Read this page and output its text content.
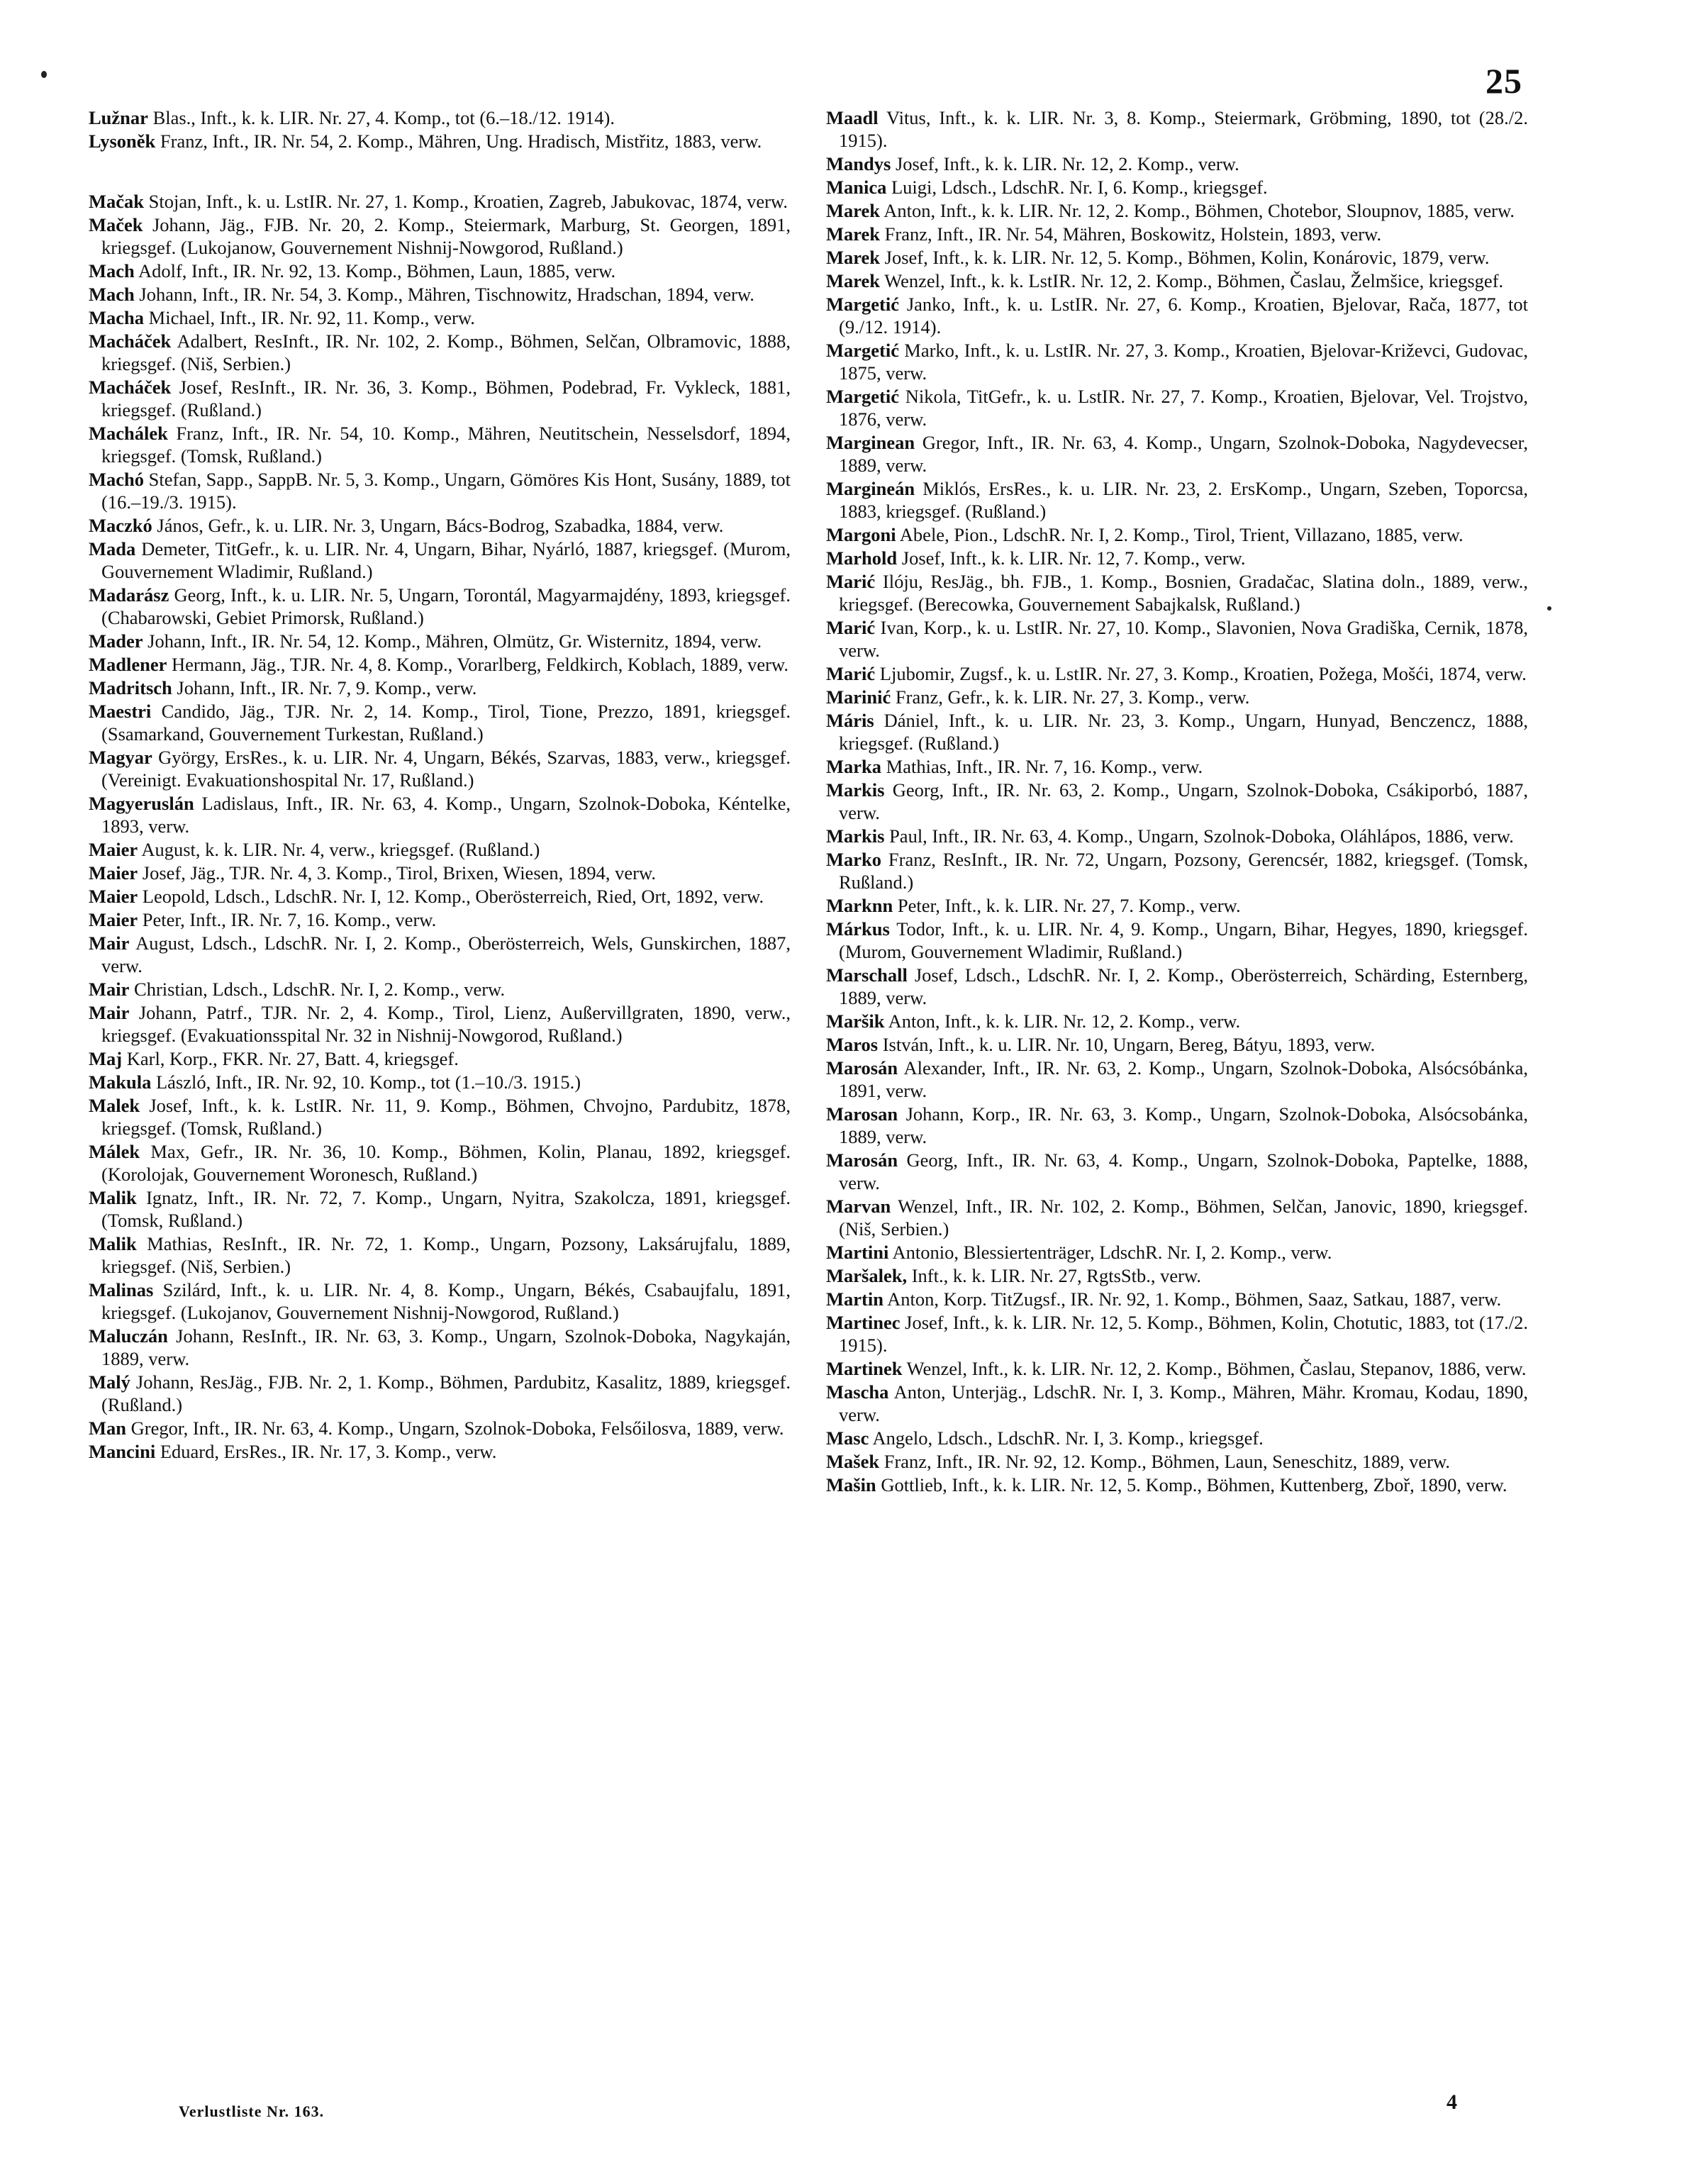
25

Lužnar Blas., Inft., k. k. LIR. Nr. 27, 4. Komp., tot (6.–18./12. 1914).

Lysoněk Franz, Inft., IR. Nr. 54, 2. Komp., Mähren, Ung. Hradisch, Mistřitz, 1883, verw.

Mačak Stojan, Inft., k. u. LstIR. Nr. 27, 1. Komp., Kroatien, Zagreb, Jabukovac, 1874, verw.

Maček Johann, Jäg., FJB. Nr. 20, 2. Komp., Steiermark, Marburg, St. Georgen, 1891, kriegsgef. (Lukojanow, Gouvernement Nishnij-Nowgorod, Rußland.)

Mach Adolf, Inft., IR. Nr. 92, 13. Komp., Böhmen, Laun, 1885, verw.

Mach Johann, Inft., IR. Nr. 54, 3. Komp., Mähren, Tischnowitz, Hradschan, 1894, verw.

Macha Michael, Inft., IR. Nr. 92, 11. Komp., verw.

Macháček Adalbert, ResInft., IR. Nr. 102, 2. Komp., Böhmen, Selčan, Olbramovic, 1888, kriegsgef. (Niš, Serbien.)

Macháček Josef, ResInft., IR. Nr. 36, 3. Komp., Böhmen, Podebrad, Fr. Vykleck, 1881, kriegsgef. (Rußland.)

Machálek Franz, Inft., IR. Nr. 54, 10. Komp., Mähren, Neutitschein, Nesselsdorf, 1894, kriegsgef. (Tomsk, Rußland.)

Machó Stefan, Sapp., SappB. Nr. 5, 3. Komp., Ungarn, Gömöres Kis Hont, Susány, 1889, tot (16.–19./3. 1915).

Maczkó János, Gefr., k. u. LIR. Nr. 3, Ungarn, Bács-Bodrog, Szabadka, 1884, verw.

Mada Demeter, TitGefr., k. u. LIR. Nr. 4, Ungarn, Bihar, Nyárló, 1887, kriegsgef. (Murom, Gouvernement Wladimir, Rußland.)

Madarász Georg, Inft., k. u. LIR. Nr. 5, Ungarn, Torontál, Magyarmajdény, 1893, kriegsgef. (Chabarowski, Gebiet Primorsk, Rußland.)

Mader Johann, Inft., IR. Nr. 54, 12. Komp., Mähren, Olmütz, Gr. Wisternitz, 1894, verw.

Madlener Hermann, Jäg., TJR. Nr. 4, 8. Komp., Vorarlberg, Feldkirch, Koblach, 1889, verw.

Madritsch Johann, Inft., IR. Nr. 7, 9. Komp., verw.

Maestri Candido, Jäg., TJR. Nr. 2, 14. Komp., Tirol, Tione, Prezzo, 1891, kriegsgef. (Ssamarkand, Gouvernement Turkestan, Rußland.)

Magyar György, ErsRes., k. u. LIR. Nr. 4, Ungarn, Békés, Szarvas, 1883, verw., kriegsgef. (Vereinigt. Evakuationshospital Nr. 17, Rußland.)

Magyeruslán Ladislaus, Inft., IR. Nr. 63, 4. Komp., Ungarn, Szolnok-Doboka, Kéntelke, 1893, verw.

Maier August, k. k. LIR. Nr. 4, verw., kriegsgef. (Rußland.)

Maier Josef, Jäg., TJR. Nr. 4, 3. Komp., Tirol, Brixen, Wiesen, 1894, verw.

Maier Leopold, Ldsch., LdschR. Nr. I, 12. Komp., Oberösterreich, Ried, Ort, 1892, verw.

Maier Peter, Inft., IR. Nr. 7, 16. Komp., verw.

Mair August, Ldsch., LdschR. Nr. I, 2. Komp., Oberösterreich, Wels, Gunskirchen, 1887, verw.

Mair Christian, Ldsch., LdschR. Nr. I, 2. Komp., verw.

Mair Johann, Patrf., TJR. Nr. 2, 4. Komp., Tirol, Lienz, Außervillgraten, 1890, verw., kriegsgef. (Evakuationsspital Nr. 32 in Nishnij-Nowgorod, Rußland.)

Maj Karl, Korp., FKR. Nr. 27, Batt. 4, kriegsgef.

Makula László, Inft., IR. Nr. 92, 10. Komp., tot (1.–10./3. 1915.)

Malek Josef, Inft., k. k. LstIR. Nr. 11, 9. Komp., Böhmen, Chvojno, Pardubitz, 1878, kriegsgef. (Tomsk, Rußland.)

Málek Max, Gefr., IR. Nr. 36, 10. Komp., Böhmen, Kolin, Planau, 1892, kriegsgef. (Korolojak, Gouvernement Woronesch, Rußland.)

Malik Ignatz, Inft., IR. Nr. 72, 7. Komp., Ungarn, Nyitra, Szakolcza, 1891, kriegsgef. (Tomsk, Rußland.)

Malik Mathias, ResInft., IR. Nr. 72, 1. Komp., Ungarn, Pozsony, Laksárujfalu, 1889, kriegsgef. (Niš, Serbien.)

Malinas Szilárd, Inft., k. u. LIR. Nr. 4, 8. Komp., Ungarn, Békés, Csabaujfalu, 1891, kriegsgef. (Lukojanov, Gouvernement Nishnij-Nowgorod, Rußland.)

Maluczán Johann, ResInft., IR. Nr. 63, 3. Komp., Ungarn, Szolnok-Doboka, Nagykaján, 1889, verw.

Malý Johann, ResJäg., FJB. Nr. 2, 1. Komp., Böhmen, Pardubitz, Kasalitz, 1889, kriegsgef. (Rußland.)

Man Gregor, Inft., IR. Nr. 63, 4. Komp., Ungarn, Szolnok-Doboka, Felsőilosva, 1889, verw.

Mancini Eduard, ErsRes., IR. Nr. 17, 3. Komp., verw.

Maadl Vitus, Inft., k. k. LIR. Nr. 3, 8. Komp., Steiermark, Gröbming, 1890, tot (28./2. 1915).

Mandys Josef, Inft., k. k. LIR. Nr. 12, 2. Komp., verw.

Manica Luigi, Ldsch., LdschR. Nr. I, 6. Komp., kriegsgef.

Marek Anton, Inft., k. k. LIR. Nr. 12, 2. Komp., Böhmen, Chotebor, Sloupnov, 1885, verw.

Marek Franz, Inft., IR. Nr. 54, Mähren, Boskowitz, Holstein, 1893, verw.

Marek Josef, Inft., k. k. LIR. Nr. 12, 5. Komp., Böhmen, Kolin, Konárovic, 1879, verw.

Marek Wenzel, Inft., k. k. LstIR. Nr. 12, 2. Komp., Böhmen, Časlau, Želmšice, kriegsgef.

Margetić Janko, Inft., k. u. LstIR. Nr. 27, 6. Komp., Kroatien, Bjelovar, Rača, 1877, tot (9./12. 1914).

Margetić Marko, Inft., k. u. LstIR. Nr. 27, 3. Komp., Kroatien, Bjelovar-Križevci, Gudovac, 1875, verw.

Margetić Nikola, TitGefr., k. u. LstIR. Nr. 27, 7. Komp., Kroatien, Bjelovar, Vel. Trojstvo, 1876, verw.

Marginean Gregor, Inft., IR. Nr. 63, 4. Komp., Ungarn, Szolnok-Doboka, Nagydevecser, 1889, verw.

Margineán Miklós, ErsRes., k. u. LIR. Nr. 23, 2. ErsKomp., Ungarn, Szeben, Toporcsa, 1883, kriegsgef. (Rußland.)

Margoni Abele, Pion., LdschR. Nr. I, 2. Komp., Tirol, Trient, Villazano, 1885, verw.

Marhold Josef, Inft., k. k. LIR. Nr. 12, 7. Komp., verw.

Marić Ilóju, ResJäg., bh. FJB., 1. Komp., Bosnien, Gradačac, Slatina doln., 1889, verw., kriegsgef. (Berecowka, Gouvernement Sabajkalsk, Rußland.)

Marić Ivan, Korp., k. u. LstIR. Nr. 27, 10. Komp., Slavonien, Nova Gradiška, Cernik, 1878, verw.

Marić Ljubomir, Zugsf., k. u. LstIR. Nr. 27, 3. Komp., Kroatien, Požega, Mošći, 1874, verw.

Marinić Franz, Gefr., k. k. LIR. Nr. 27, 3. Komp., verw.

Máris Dániel, Inft., k. u. LIR. Nr. 23, 3. Komp., Ungarn, Hunyad, Benczencz, 1888, kriegsgef. (Rußland.)

Marka Mathias, Inft., IR. Nr. 7, 16. Komp., verw.

Markis Georg, Inft., IR. Nr. 63, 2. Komp., Ungarn, Szolnok-Doboka, Csákiporbó, 1887, verw.

Markis Paul, Inft., IR. Nr. 63, 4. Komp., Ungarn, Szolnok-Doboka, Oláhlápos, 1886, verw.

Marko Franz, ResInft., IR. Nr. 72, Ungarn, Pozsony, Gerencsér, 1882, kriegsgef. (Tomsk, Rußland.)

Marknn Peter, Inft., k. k. LIR. Nr. 27, 7. Komp., verw.

Márkus Todor, Inft., k. u. LIR. Nr. 4, 9. Komp., Ungarn, Bihar, Hegyes, 1890, kriegsgef. (Murom, Gouvernement Wladimir, Rußland.)

Marschall Josef, Ldsch., LdschR. Nr. I, 2. Komp., Oberösterreich, Schärding, Esternberg, 1889, verw.

Maršik Anton, Inft., k. k. LIR. Nr. 12, 2. Komp., verw.

Maros István, Inft., k. u. LIR. Nr. 10, Ungarn, Bereg, Bátyu, 1893, verw.

Marosán Alexander, Inft., IR. Nr. 63, 2. Komp., Ungarn, Szolnok-Doboka, Alsócsóbánka, 1891, verw.

Marosan Johann, Korp., IR. Nr. 63, 3. Komp., Ungarn, Szolnok-Doboka, Alsócsobánka, 1889, verw.

Marosán Georg, Inft., IR. Nr. 63, 4. Komp., Ungarn, Szolnok-Doboka, Paptelke, 1888, verw.

Marvan Wenzel, Inft., IR. Nr. 102, 2. Komp., Böhmen, Selčan, Janovic, 1890, kriegsgef. (Niš, Serbien.)

Martini Antonio, Blessiertenträger, LdschR. Nr. I, 2. Komp., verw.

Maršalek, Inft., k. k. LIR. Nr. 27, RgtsStb., verw.

Martin Anton, Korp. TitZugsf., IR. Nr. 92, 1. Komp., Böhmen, Saaz, Satkau, 1887, verw.

Martinec Josef, Inft., k. k. LIR. Nr. 12, 5. Komp., Böhmen, Kolin, Chotutic, 1883, tot (17./2. 1915).

Martinek Wenzel, Inft., k. k. LIR. Nr. 12, 2. Komp., Böhmen, Časlau, Stepanov, 1886, verw.

Mascha Anton, Unterjäg., LdschR. Nr. I, 3. Komp., Mähren, Mähr. Kromau, Kodau, 1890, verw.

Masc Angelo, Ldsch., LdschR. Nr. I, 3. Komp., kriegsgef.

Mašek Franz, Inft., IR. Nr. 92, 12. Komp., Böhmen, Laun, Seneschitz, 1889, verw.

Mašin Gottlieb, Inft., k. k. LIR. Nr. 12, 5. Komp., Böhmen, Kuttenberg, Zboř, 1890, verw.

Verlustliste Nr. 163.	4
